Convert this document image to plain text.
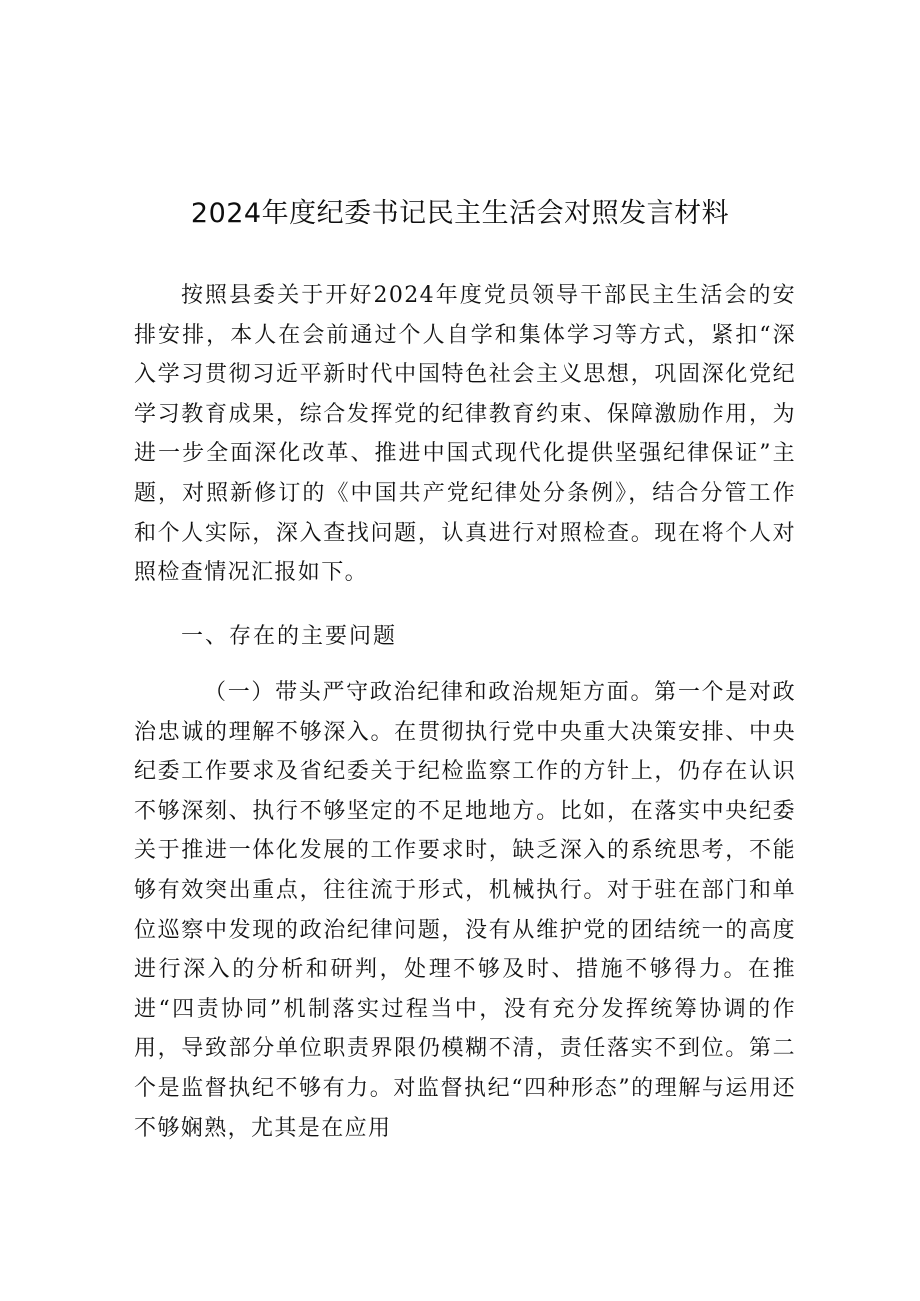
2024年度纪委书记民主生活会对照发言材料

按照县委关于开好2024年度党员领导干部民主生活会的安排安排，本人在会前通过个人自学和集体学习等方式，紧扣“深入学习贯彻习近平新时代中国特色社会主义思想，巩固深化党纪学习教育成果，综合发挥党的纪律教育约束、保障激励作用，为进一步全面深化改革、推进中国式现代化提供坚强纪律保证”主题，对照新修订的《中国共产党纪律处分条例》，结合分管工作和个人实际，深入查找问题，认真进行对照检查。现在将个人对照检查情况汇报如下。

一、存在的主要问题

（一）带头严守政治纪律和政治规矩方面。第一个是对政治忠诚的理解不够深入。在贯彻执行党中央重大决策安排、中央纪委工作要求及省纪委关于纪检监察工作的方针上，仍存在认识不够深刻、执行不够坚定的不足地地方。比如，在落实中央纪委关于推进一体化发展的工作要求时，缺乏深入的系统思考，不能够有效突出重点，往往流于形式，机械执行。对于驻在部门和单位巡察中发现的政治纪律问题，没有从维护党的团结统一的高度进行深入的分析和研判，处理不够及时、措施不够得力。在推进“四责协同”机制落实过程当中，没有充分发挥统筹协调的作用，导致部分单位职责界限仍模糊不清，责任落实不到位。第二个是监督执纪不够有力。对监督执纪“四种形态”的理解与运用还不够娴熟，尤其是在应用
